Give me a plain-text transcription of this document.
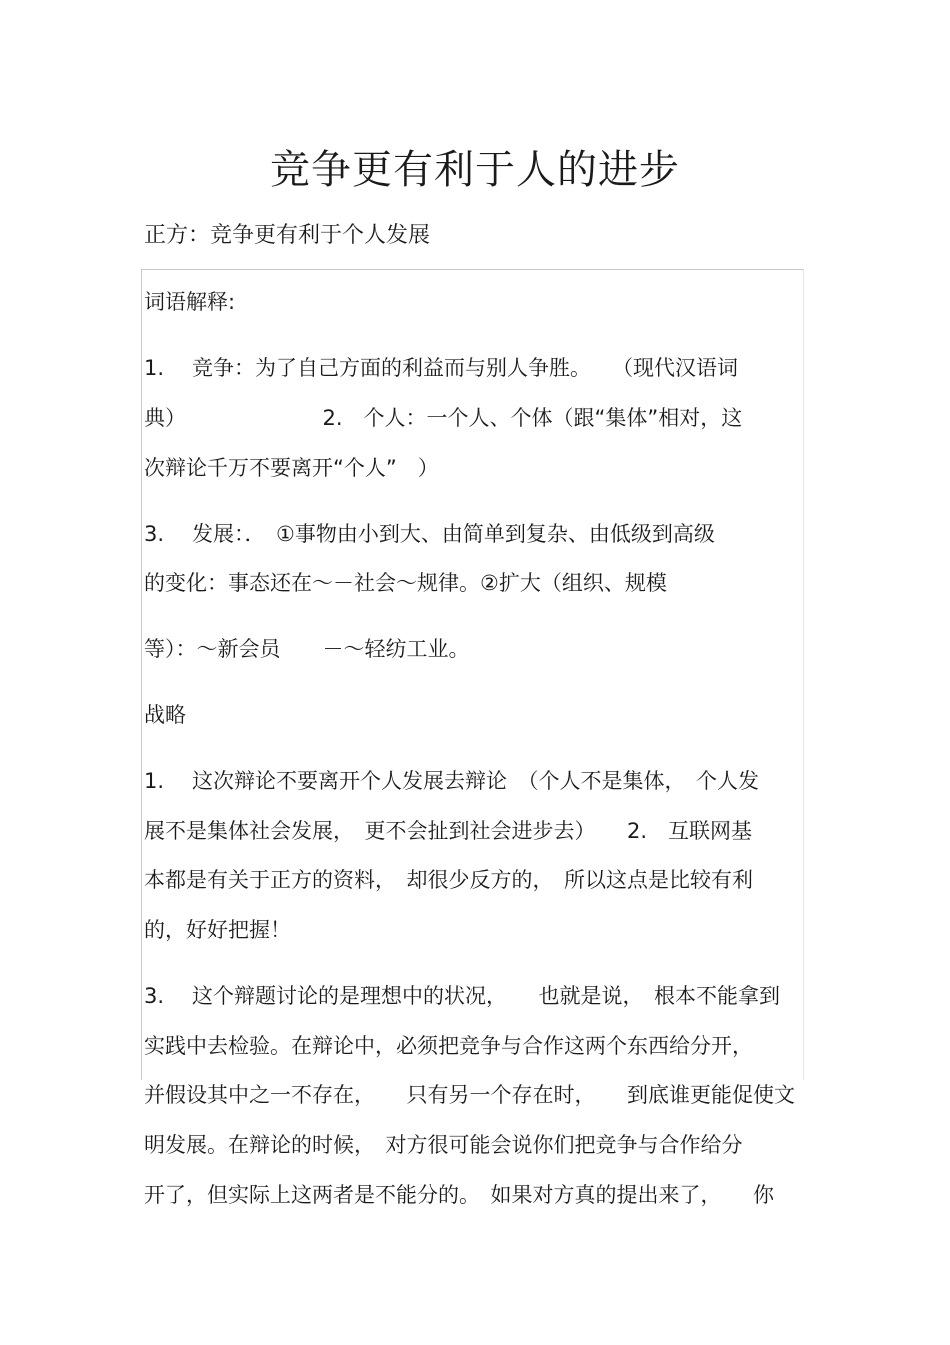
竞争更有利于人的进步
正方：竞争更有利于个人发展
词语解释:
1. 竞争：为了自己方面的利益而与别人争胜。　　（现代汉语词
典）　　　　　　　2.　个人：一个人、个体（跟“集体”相对，这
次辩论千万不要离开“个人”　）
3. 发展：．　①事物由小到大、由简单到复杂、由低级到高级
的变化：事态还在～－社会～规律。②扩大（组织、规模
等）：～新会员　　－～轻纺工业。
战略
1. 这次辩论不要离开个人发展去辩论　（个人不是集体，　个人发
展不是集体社会发展，　更不会扯到社会进步去）　　2.　互联网基
本都是有关于正方的资料，　却很少反方的，　所以这点是比较有利
的，好好把握！
3. 这个辩题讨论的是理想中的状况，　　也就是说，　根本不能拿到
实践中去检验。在辩论中，必须把竞争与合作这两个东西给分开，
并假设其中之一不存在，　　只有另一个存在时，　　到底谁更能促使文
明发展。在辩论的时候，　对方很可能会说你们把竞争与合作给分
开了，但实际上这两者是不能分的。　如果对方真的提出来了，　　你
